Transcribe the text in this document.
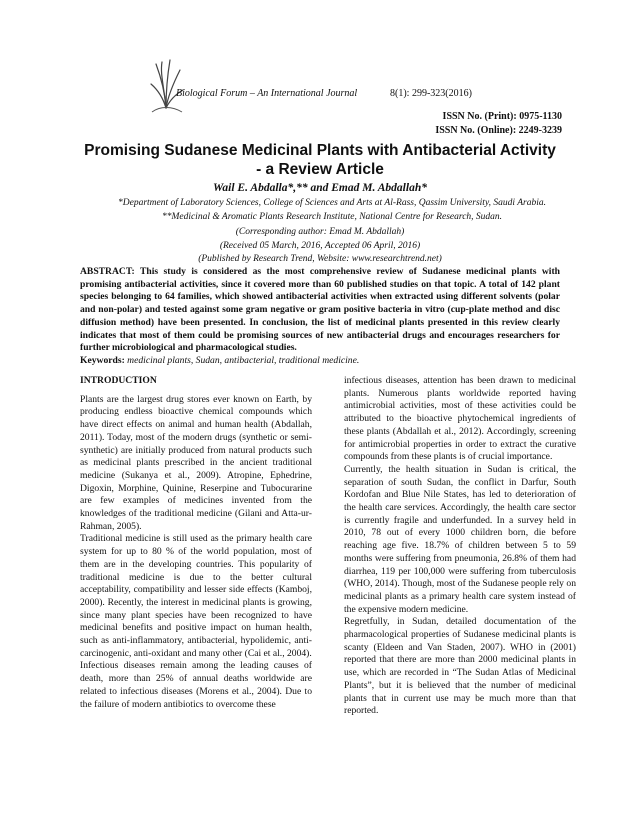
Biological Forum – An International Journal	8(1): 299-323(2016)
ISSN No. (Print): 0975-1130
ISSN No. (Online): 2249-3239
Promising Sudanese Medicinal Plants with Antibacterial Activity - a Review Article
Wail E. Abdalla*,** and Emad M. Abdallah*
*Department of Laboratory Sciences, College of Sciences and Arts at Al-Rass, Qassim University, Saudi Arabia.
**Medicinal & Aromatic Plants Research Institute, National Centre for Research, Sudan.
(Corresponding author: Emad M. Abdallah)
(Received 05 March, 2016, Accepted 06 April, 2016)
(Published by Research Trend, Website: www.researchtrend.net)
ABSTRACT: This study is considered as the most comprehensive review of Sudanese medicinal plants with promising antibacterial activities, since it covered more than 60 published studies on that topic. A total of 142 plant species belonging to 64 families, which showed antibacterial activities when extracted using different solvents (polar and non-polar) and tested against some gram negative or gram positive bacteria in vitro (cup-plate method and disc diffusion method) have been presented. In conclusion, the list of medicinal plants presented in this review clearly indicates that most of them could be promising sources of new antibacterial drugs and encourages researchers for further microbiological and pharmacological studies.
Keywords: medicinal plants, Sudan, antibacterial, traditional medicine.

INTRODUCTION

Plants are the largest drug stores ever known on Earth, by producing endless bioactive chemical compounds which have direct effects on animal and human health (Abdallah, 2011). Today, most of the modern drugs (synthetic or semi-synthetic) are initially produced from natural products such as medicinal plants prescribed in the ancient traditional medicine (Sukanya et al., 2009). Atropine, Ephedrine, Digoxin, Morphine, Quinine, Reserpine and Tubocurarine are few examples of medicines invented from the knowledges of the traditional medicine (Gilani and Atta-ur-Rahman, 2005).

Traditional medicine is still used as the primary health care system for up to 80 % of the world population, most of them are in the developing countries. This popularity of traditional medicine is due to the better cultural acceptability, compatibility and lesser side effects (Kamboj, 2000). Recently, the interest in medicinal plants is growing, since many plant species have been recognized to have medicinal benefits and positive impact on human health, such as anti-inflammatory, antibacterial, hypolidemic, anti-carcinogenic, anti-oxidant and many other (Cai et al., 2004).

Infectious diseases remain among the leading causes of death, more than 25% of annual deaths worldwide are related to infectious diseases (Morens et al., 2004). Due to the failure of modern antibiotics to overcome these

infectious diseases, attention has been drawn to medicinal plants. Numerous plants worldwide reported having antimicrobial activities, most of these activities could be attributed to the bioactive phytochemical ingredients of these plants (Abdallah et al., 2012). Accordingly, screening for antimicrobial properties in order to extract the curative compounds from these plants is of crucial importance.

Currently, the health situation in Sudan is critical, the separation of south Sudan, the conflict in Darfur, South Kordofan and Blue Nile States, has led to deterioration of the health care services. Accordingly, the health care sector is currently fragile and underfunded. In a survey held in 2010, 78 out of every 1000 children born, die before reaching age five. 18.7% of children between 5 to 59 months were suffering from pneumonia, 26.8% of them had diarrhea, 119 per 100,000 were suffering from tuberculosis (WHO, 2014). Though, most of the Sudanese people rely on medicinal plants as a primary health care system instead of the expensive modern medicine.

Regretfully, in Sudan, detailed documentation of the pharmacological properties of Sudanese medicinal plants is scanty (Eldeen and Van Staden, 2007). WHO in (2001) reported that there are more than 2000 medicinal plants in use, which are recorded in “The Sudan Atlas of Medicinal Plants”, but it is believed that the number of medicinal plants that in current use may be much more than that reported.
